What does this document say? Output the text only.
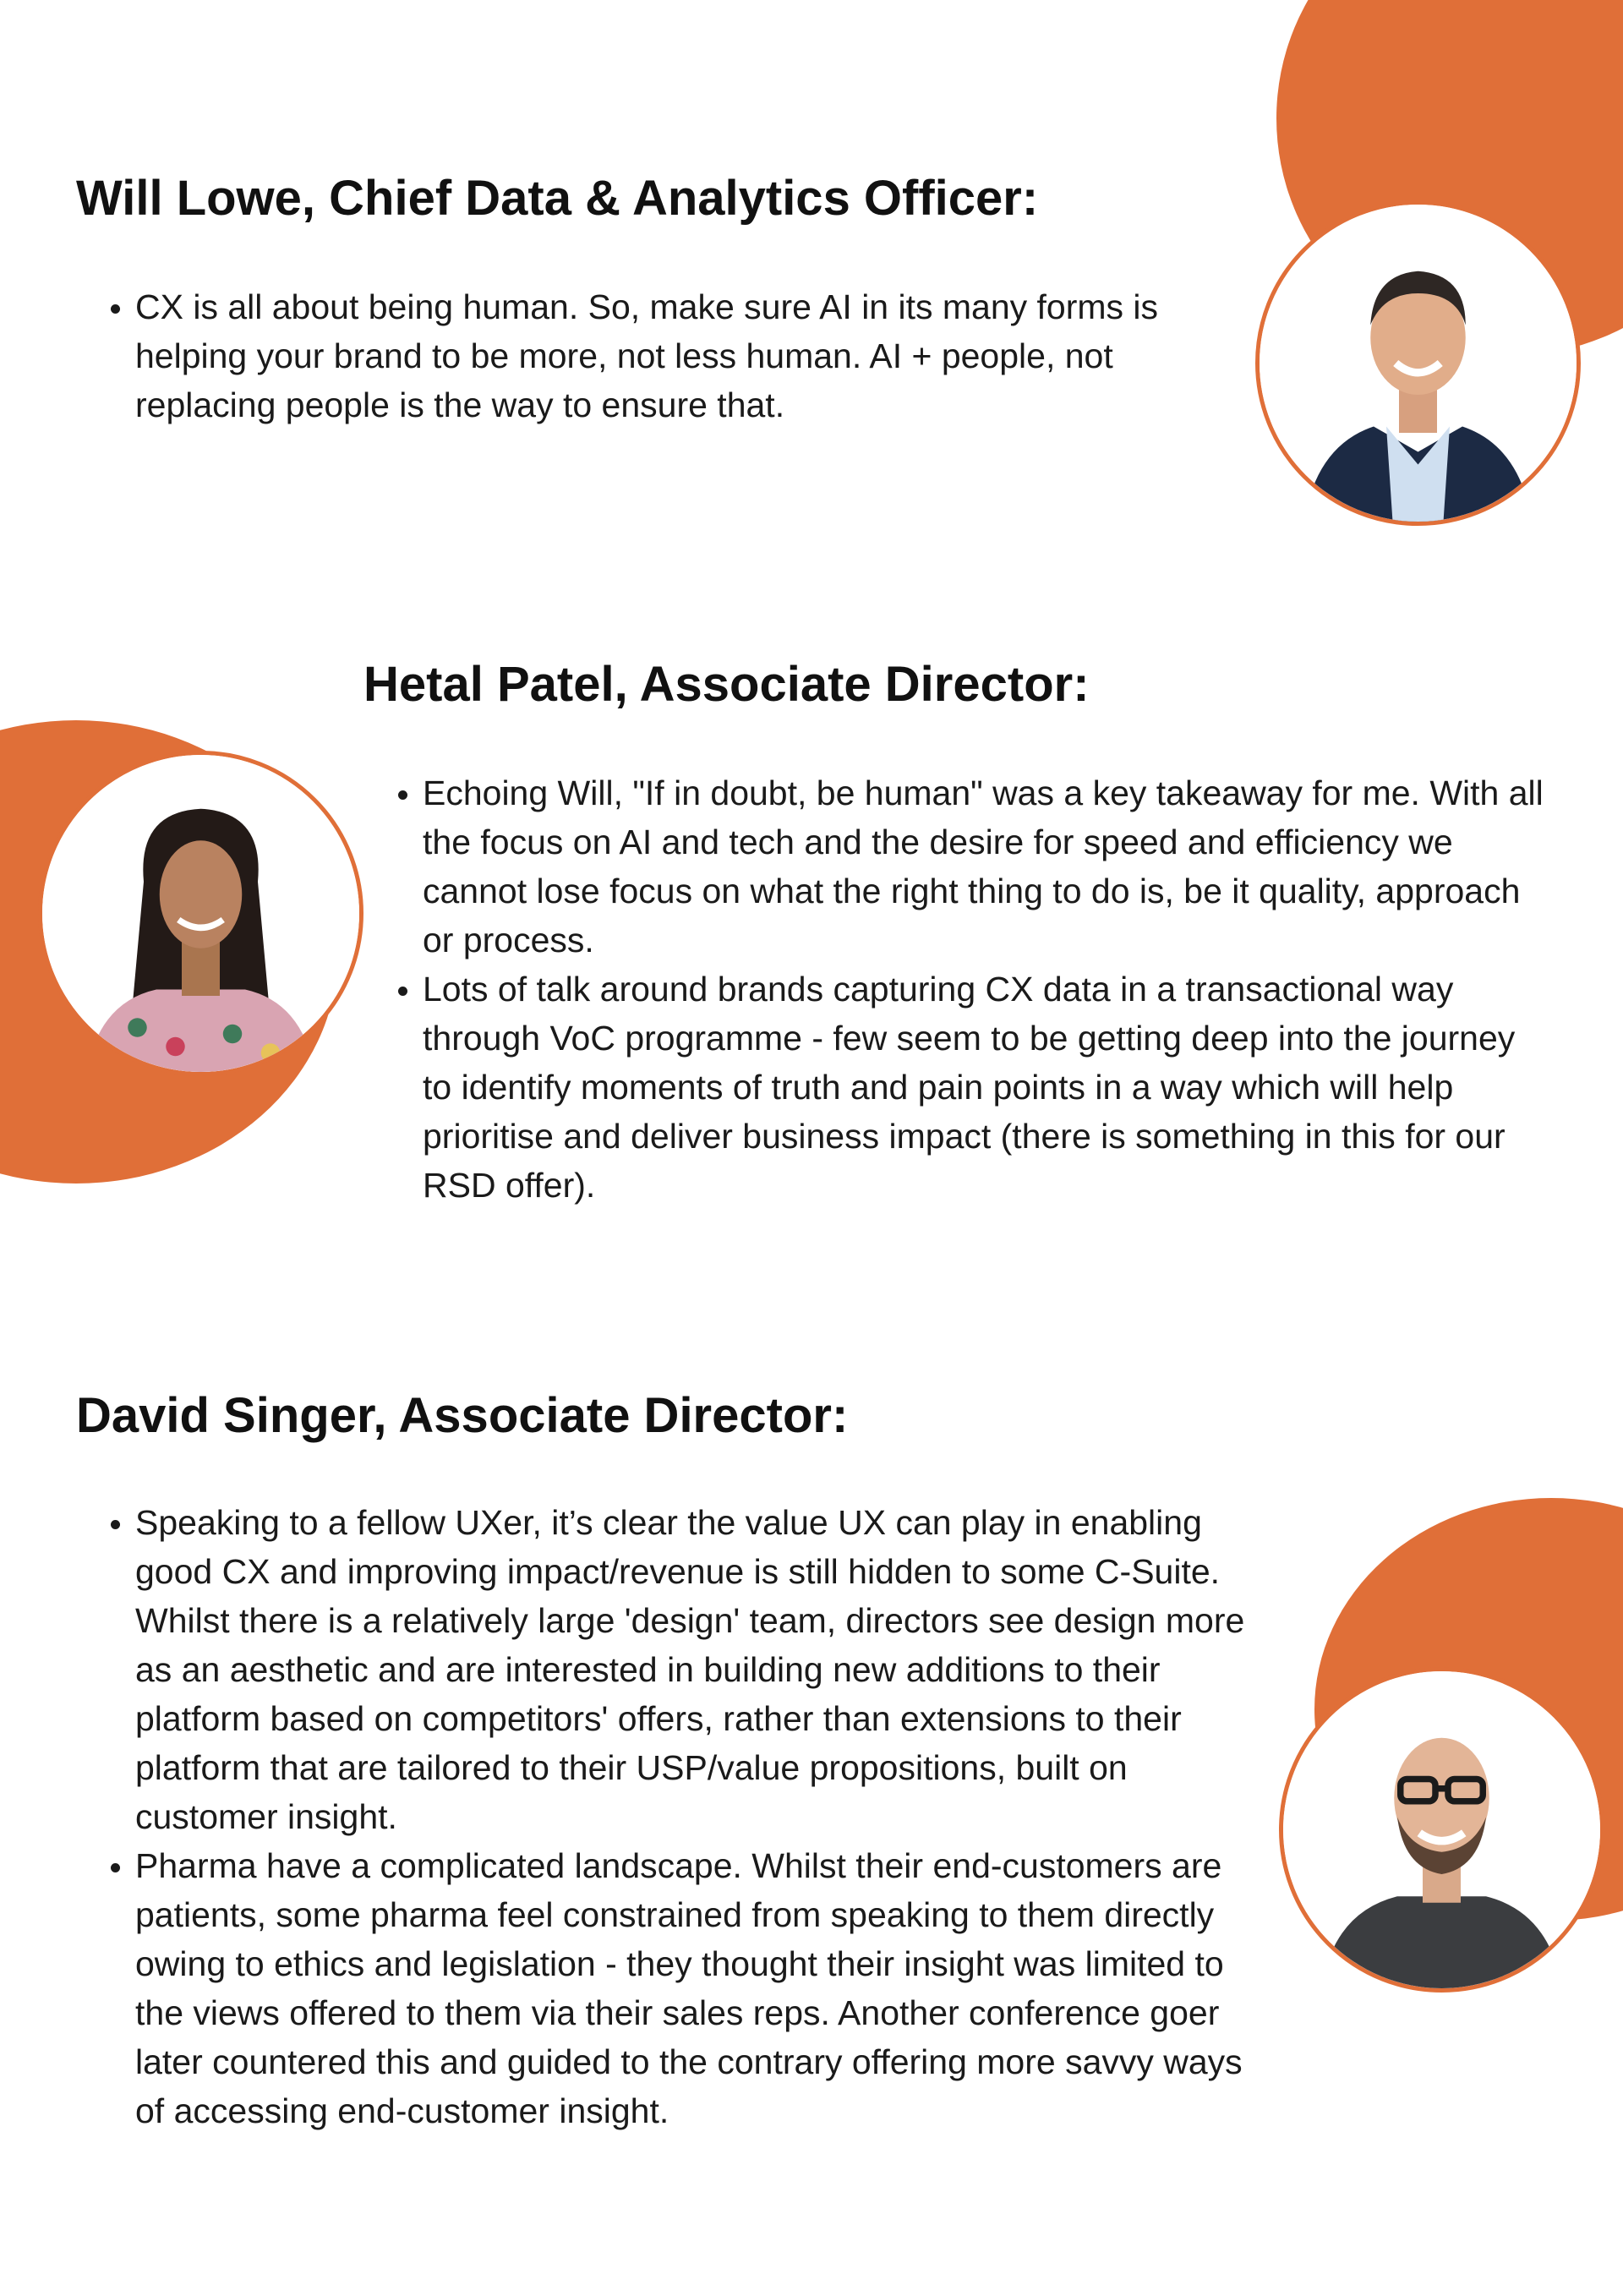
Will Lowe, Chief Data & Analytics Officer:
• CX is all about being human. So, make sure AI in its many forms is helping your brand to be more, not less human. AI + people, not replacing people is the way to ensure that.
Hetal Patel, Associate Director:
• Echoing Will, "If in doubt, be human" was a key takeaway for me. With all the focus on AI and tech and the desire for speed and efficiency we cannot lose focus on what the right thing to do is, be it quality, approach or process.
• Lots of talk around brands capturing CX data in a transactional way through VoC programme - few seem to be getting deep into the journey to identify moments of truth and pain points in a way which will help prioritise and deliver business impact (there is something in this for our RSD offer).
David Singer, Associate Director:
• Speaking to a fellow UXer, it’s clear the value UX can play in enabling good CX and improving impact/revenue is still hidden to some C-Suite. Whilst there is a relatively large 'design' team, directors see design more as an aesthetic and are interested in building new additions to their platform based on competitors' offers, rather than extensions to their platform that are tailored to their USP/value propositions, built on customer insight.
• Pharma have a complicated landscape. Whilst their end-customers are patients, some pharma feel constrained from speaking to them directly owing to ethics and legislation - they thought their insight was limited to the views offered to them via their sales reps. Another conference goer later countered this and guided to the contrary offering more savvy ways of accessing end-customer insight.
